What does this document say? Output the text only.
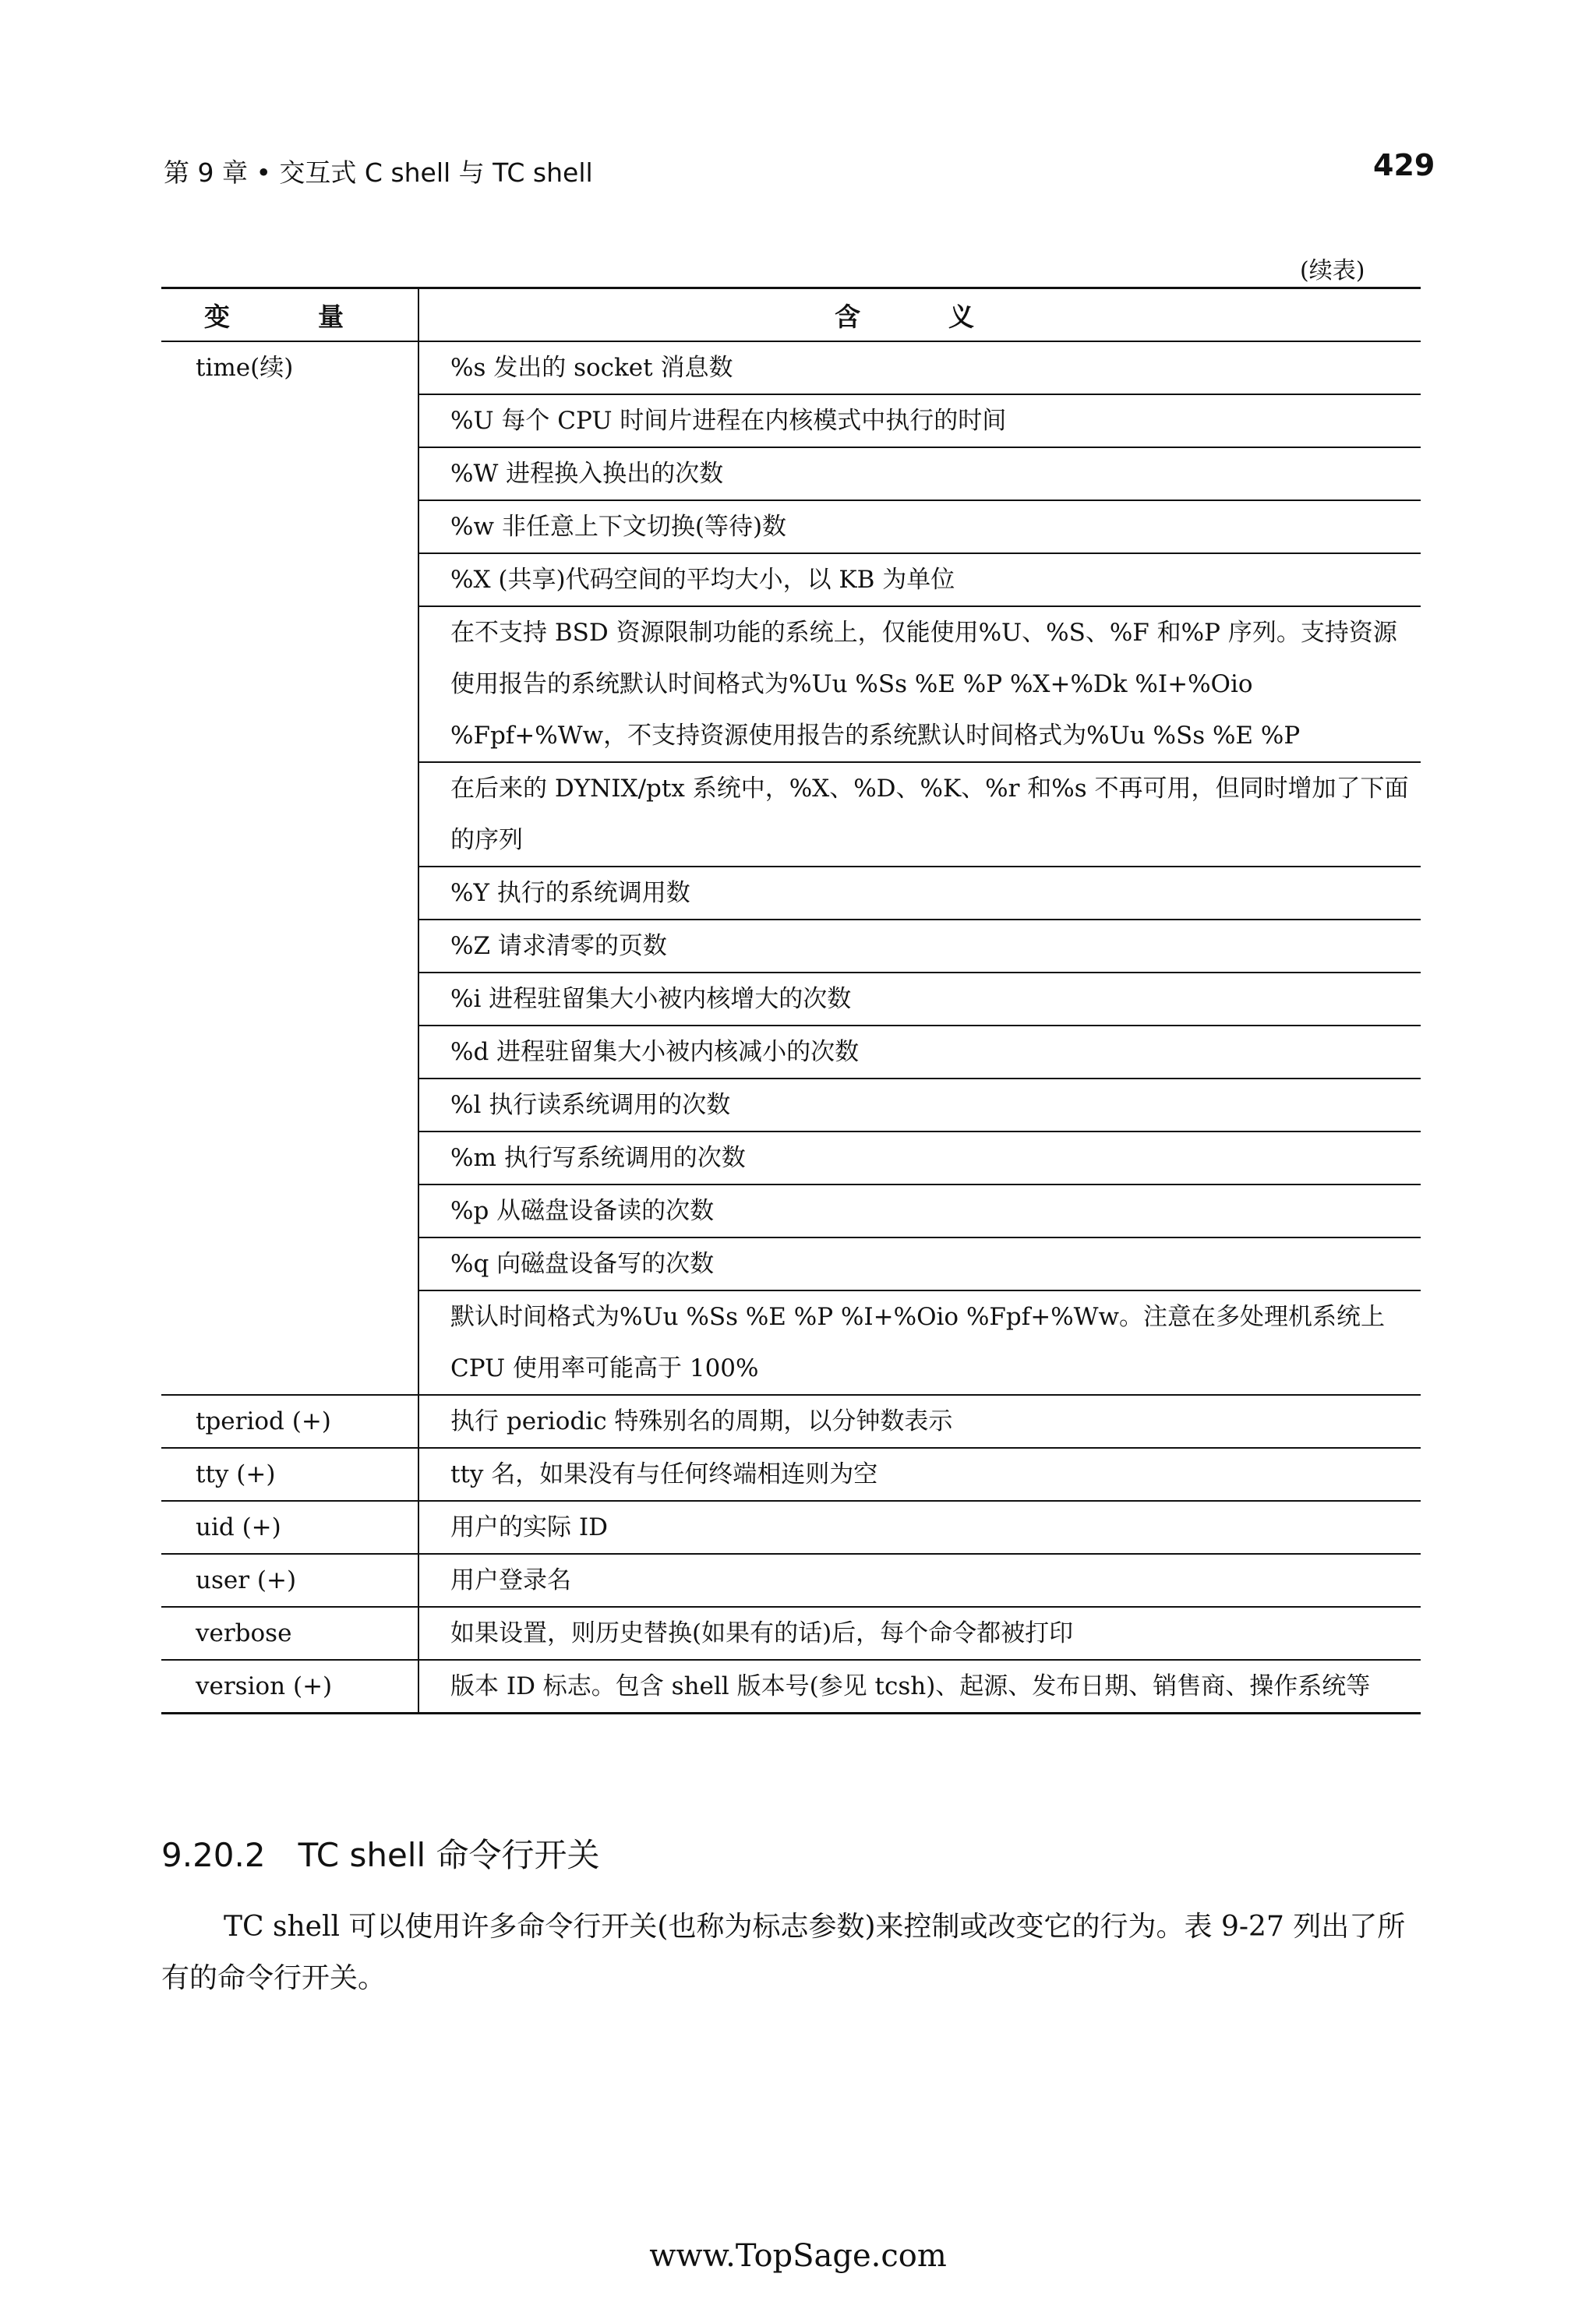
第 9 章 • 交互式 C shell 与 TC shell	429
(续表)
变　量	含　义
time(续)	%s 发出的 socket 消息数
	%U 每个 CPU 时间片进程在内核模式中执行的时间
	%W 进程换入换出的次数
	%w 非任意上下文切换(等待)数
	%X (共享)代码空间的平均大小，以 KB 为单位
	在不支持 BSD 资源限制功能的系统上，仅能使用%U、%S、%F 和%P 序列。支持资源使用报告的系统默认时间格式为%Uu %Ss %E %P %X+%Dk %I+%Oio %Fpf+%Ww，不支持资源使用报告的系统默认时间格式为%Uu %Ss %E %P
	在后来的 DYNIX/ptx 系统中，%X、%D、%K、%r 和%s 不再可用，但同时增加了下面的序列
	%Y 执行的系统调用数
	%Z 请求清零的页数
	%i 进程驻留集大小被内核增大的次数
	%d 进程驻留集大小被内核减小的次数
	%l 执行读系统调用的次数
	%m 执行写系统调用的次数
	%p 从磁盘设备读的次数
	%q 向磁盘设备写的次数
	默认时间格式为%Uu %Ss %E %P %I+%Oio %Fpf+%Ww。注意在多处理机系统上 CPU 使用率可能高于 100%
tperiod (+)	执行 periodic 特殊别名的周期，以分钟数表示
tty (+)	tty 名，如果没有与任何终端相连则为空
uid (+)	用户的实际 ID
user (+)	用户登录名
verbose	如果设置，则历史替换(如果有的话)后，每个命令都被打印
version (+)	版本 ID 标志。包含 shell 版本号(参见 tcsh)、起源、发布日期、销售商、操作系统等
9.20.2　TC shell 命令行开关
TC shell 可以使用许多命令行开关(也称为标志参数)来控制或改变它的行为。表 9-27 列出了所有的命令行开关。
www.TopSage.com
